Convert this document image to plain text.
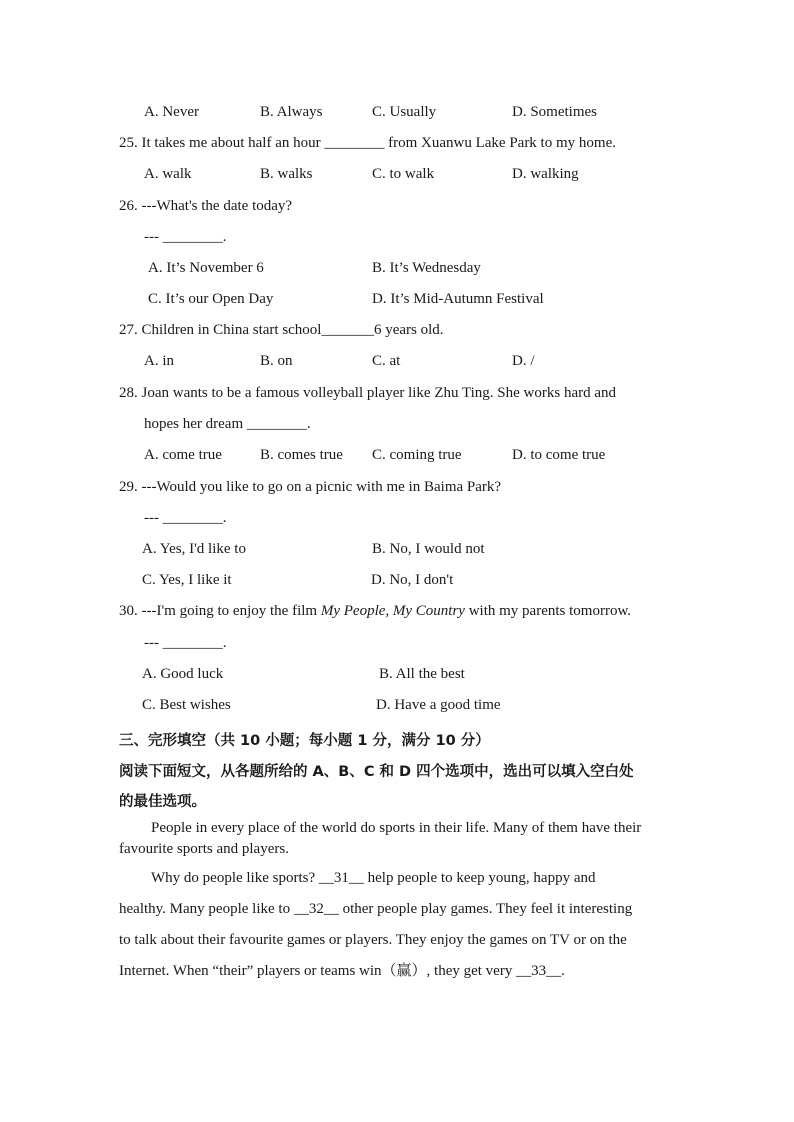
A. Never	B. Always	C. Usually	D. Sometimes
25. It takes me about half an hour ________ from Xuanwu Lake Park to my home.
A. walk	B. walks	C. to walk	D. walking
26. ---What's the date today?
--- ________.
A. It’s November 6	B. It’s Wednesday
C. It’s our Open Day	D. It’s Mid-Autumn Festival
27. Children in China start school_______6 years old.
A. in	B. on	C. at	D. /
28. Joan wants to be a famous volleyball player like Zhu Ting. She works hard and
hopes her dream ________.
A. come true	B. comes true C. coming true	D. to come true
29. ---Would you like to go on a picnic with me in Baima Park?
--- ________.
A. Yes, I'd like to	B. No, I would not
C. Yes, I like it	D. No, I don't
30. ---I'm going to enjoy the film My People, My Country with my parents tomorrow.
--- ________.
A. Good luck	B. All the best
C. Best wishes	D. Have a good time
三、完形填空（共 10 小题；每小题 1 分，满分 10 分）
阅读下面短文，从各题所给的 A、B、C 和 D 四个选项中，选出可以填入空白处
的最佳选项。
People in every place of the world do sports in their life. Many of them have their
favourite sports and players.
Why do people like sports? __31__ help people to keep young, happy and
healthy. Many people like to __32__ other people play games. They feel it interesting
to talk about their favourite games or players. They enjoy the games on TV or on the
Internet. When “their” players or teams win（赢）, they get very __33__.
